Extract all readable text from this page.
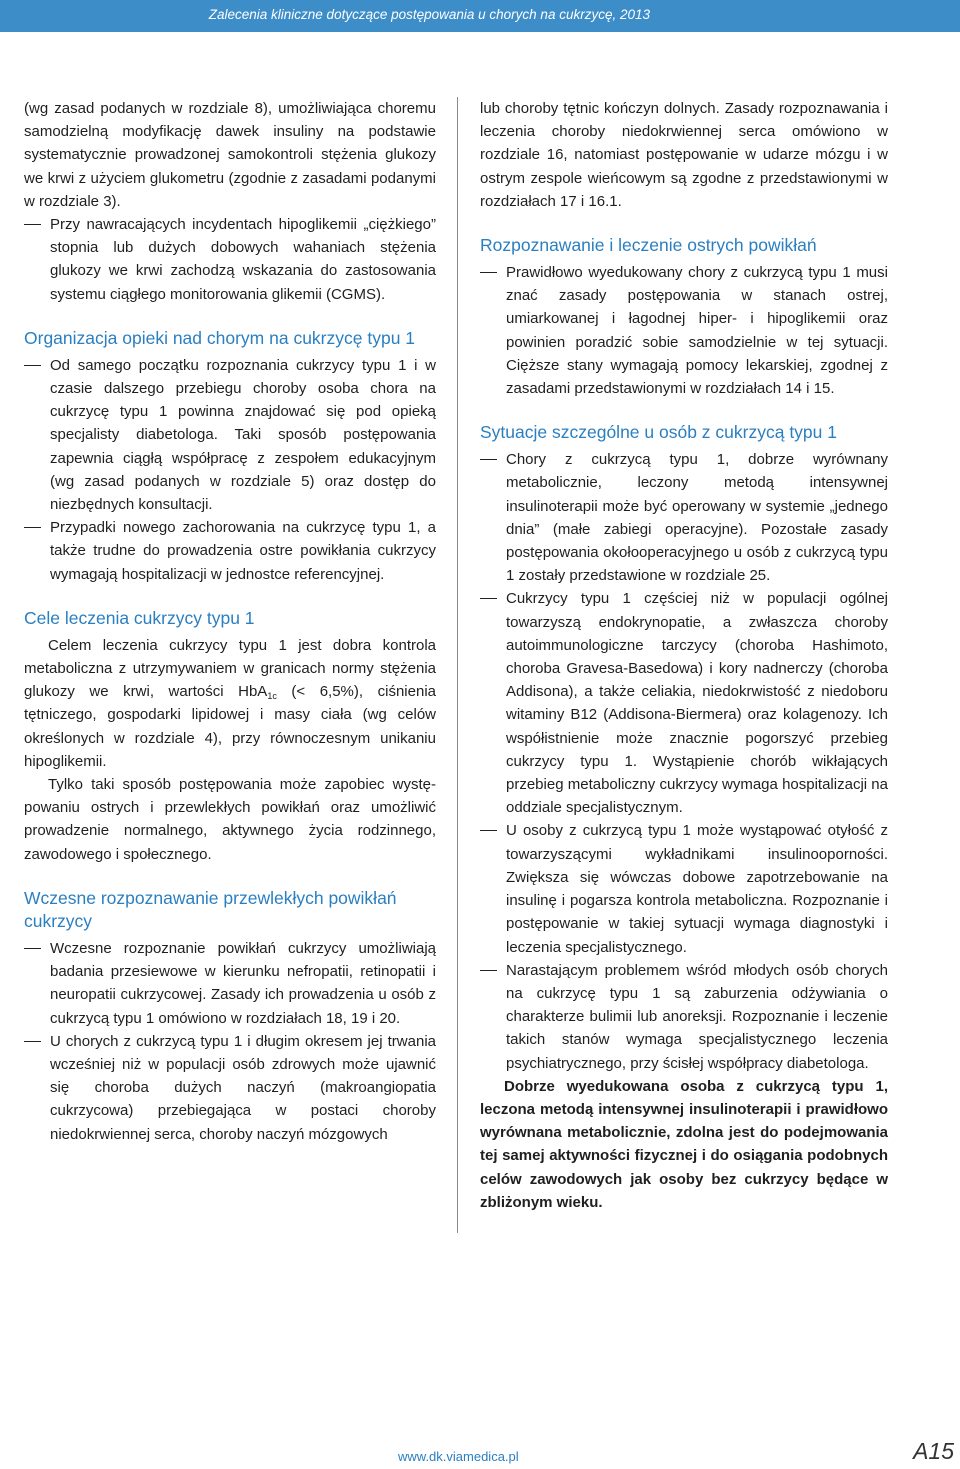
Zalecenia kliniczne dotyczące postępowania u chorych na cukrzycę, 2013

(wg zasad podanych w rozdziale 8), umożliwiająca choremu samodzielną modyfikację dawek insuliny na podstawie systematycznie prowadzonej samokontroli stężenia glukozy we krwi z użyciem glukometru (zgodnie z zasadami podanymi w rozdziale 3).

Przy nawracających incydentach hipoglikemii „ciężkiego” stopnia lub dużych dobowych wahaniach stężenia glukozy we krwi zachodzą wskazania do zastosowania systemu ciągłego monitorowania glikemii (CGMS).

Organizacja opieki nad chorym na cukrzycę typu 1

Od samego początku rozpoznania cukrzycy typu 1 i w czasie dalszego przebiegu choroby osoba chora na cukrzycę typu 1 powinna znajdować się pod opieką specjalisty diabetologa. Taki sposób postępowania zapewnia ciągłą współpracę z zespołem edukacyjnym (wg zasad podanych w rozdziale 5) oraz dostęp do niezbędnych konsultacji.

Przypadki nowego zachorowania na cukrzycę typu 1, a także trudne do prowadzenia ostre powikłania cukrzycy wymagają hospitalizacji w jednostce referencyjnej.

Cele leczenia cukrzycy typu 1

Celem leczenia cukrzycy typu 1 jest dobra kontrola metaboliczna z utrzymywaniem w granicach normy stężenia glukozy we krwi, wartości HbA$_{1c}$ (< 6,5%), ciśnienia tętniczego, gospodarki lipidowej i masy ciała (wg celów określonych w rozdziale 4), przy równoczesnym unikaniu hipoglikemii.

Tylko taki sposób postępowania może zapobiec występowaniu ostrych i przewlekłych powikłań oraz umożliwić prowadzenie normalnego, aktywnego życia rodzinnego, zawodowego i społecznego.

Wczesne rozpoznawanie przewlekłych powikłań cukrzycy

Wczesne rozpoznanie powikłań cukrzycy umożliwiają badania przesiewowe w kierunku nefropatii, retinopatii i neuropatii cukrzycowej. Zasady ich prowadzenia u osób z cukrzycą typu 1 omówiono w rozdziałach 18, 19 i 20.

U chorych z cukrzycą typu 1 i długim okresem jej trwania wcześniej niż w populacji osób zdrowych może ujawnić się choroba dużych naczyń (makroangiopatia cukrzycowa) przebiegająca w postaci choroby niedokrwiennej serca, choroby naczyń mózgowych

lub choroby tętnic kończyn dolnych. Zasady rozpoznawania i leczenia choroby niedokrwiennej serca omówiono w rozdziale 16, natomiast postępowanie w udarze mózgu i w ostrym zespole wieńcowym są zgodne z przedstawionymi w rozdziałach 17 i 16.1.

Rozpoznawanie i leczenie ostrych powikłań

Prawidłowo wyedukowany chory z cukrzycą typu 1 musi znać zasady postępowania w stanach ostrej, umiarkowanej i łagodnej hiper- i hipoglikemii oraz powinien poradzić sobie samodzielnie w tej sytuacji. Cięższe stany wymagają pomocy lekarskiej, zgodnej z zasadami przedstawionymi w rozdziałach 14 i 15.

Sytuacje szczególne u osób z cukrzycą typu 1

Chory z cukrzycą typu 1, dobrze wyrównany metabolicznie, leczony metodą intensywnej insulinoterapii może być operowany w systemie „jednego dnia” (małe zabiegi operacyjne). Pozostałe zasady postępowania okołooperacyjnego u osób z cukrzycą typu 1 zostały przedstawione w rozdziale 25.

Cukrzycy typu 1 częściej niż w populacji ogólnej towarzyszą endokrynopatie, a zwłaszcza choroby autoimmunologiczne tarczycy (choroba Hashimoto, choroba Gravesa-Basedowa) i kory nadnerczy (choroba Addisona), a także celiakia, niedokrwistość z niedoboru witaminy B12 (Addisona-Biermera) oraz kolagenozy. Ich współistnienie może znacznie pogorszyć przebieg cukrzycy typu 1. Wystąpienie chorób wikłających przebieg metaboliczny cukrzycy wymaga hospitalizacji na oddziale specjalistycznym.

U osoby z cukrzycą typu 1 może wystąpować otyłość z towarzyszącymi wykładnikami insulinooporności. Zwiększa się wówczas dobowe zapotrzebowanie na insulinę i pogarsza kontrola metaboliczna. Rozpoznanie i postępowanie w takiej sytuacji wymaga diagnostyki i leczenia specjalistycznego.

Narastającym problemem wśród młodych osób chorych na cukrzycę typu 1 są zaburzenia odżywiania o charakterze bulimii lub anoreksji. Rozpoznanie i leczenie takich stanów wymaga specjalistycznego leczenia psychiatrycznego, przy ścisłej współpracy diabetologa.

Dobrze wyedukowana osoba z cukrzycą typu 1, leczona metodą intensywnej insulinoterapii i prawidłowo wyrównana metabolicznie, zdolna jest do podejmowania tej samej aktywności fizycznej i do osiągania podobnych celów zawodowych jak osoby bez cukrzycy będące w zbliżonym wieku.

www.dk.viamedica.pl	A15
